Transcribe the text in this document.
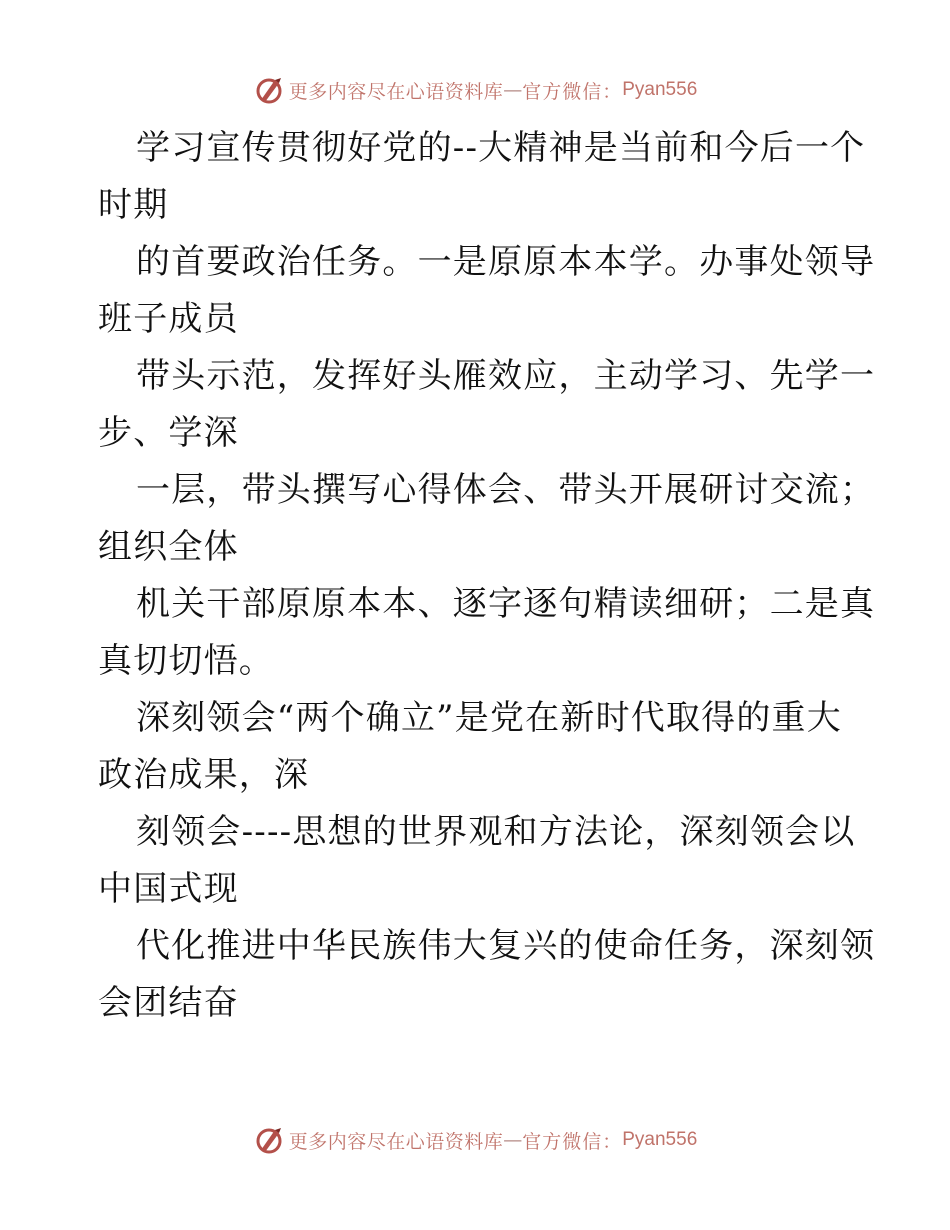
更多内容尽在心语资料库 — 官方微信： Pyan556

学习宣传贯彻好党的--大精神是当前和今后一个
时期

的首要政治任务。一是原原本本学。办事处领导
班子成员

带头示范，发挥好头雁效应，主动学习、先学一
步、学深

一层，带头撰写心得体会、带头开展研讨交流；
组织全体

机关干部原原本本、逐字逐句精读细研；二是真
真切切悟。

深刻领会“两个确立”是党在新时代取得的重大
政治成果，深

刻领会----思想的世界观和方法论，深刻领会以
中国式现

代化推进中华民族伟大复兴的使命任务，深刻领
会团结奋

更多内容尽在心语资料库 — 官方微信： Pyan556
